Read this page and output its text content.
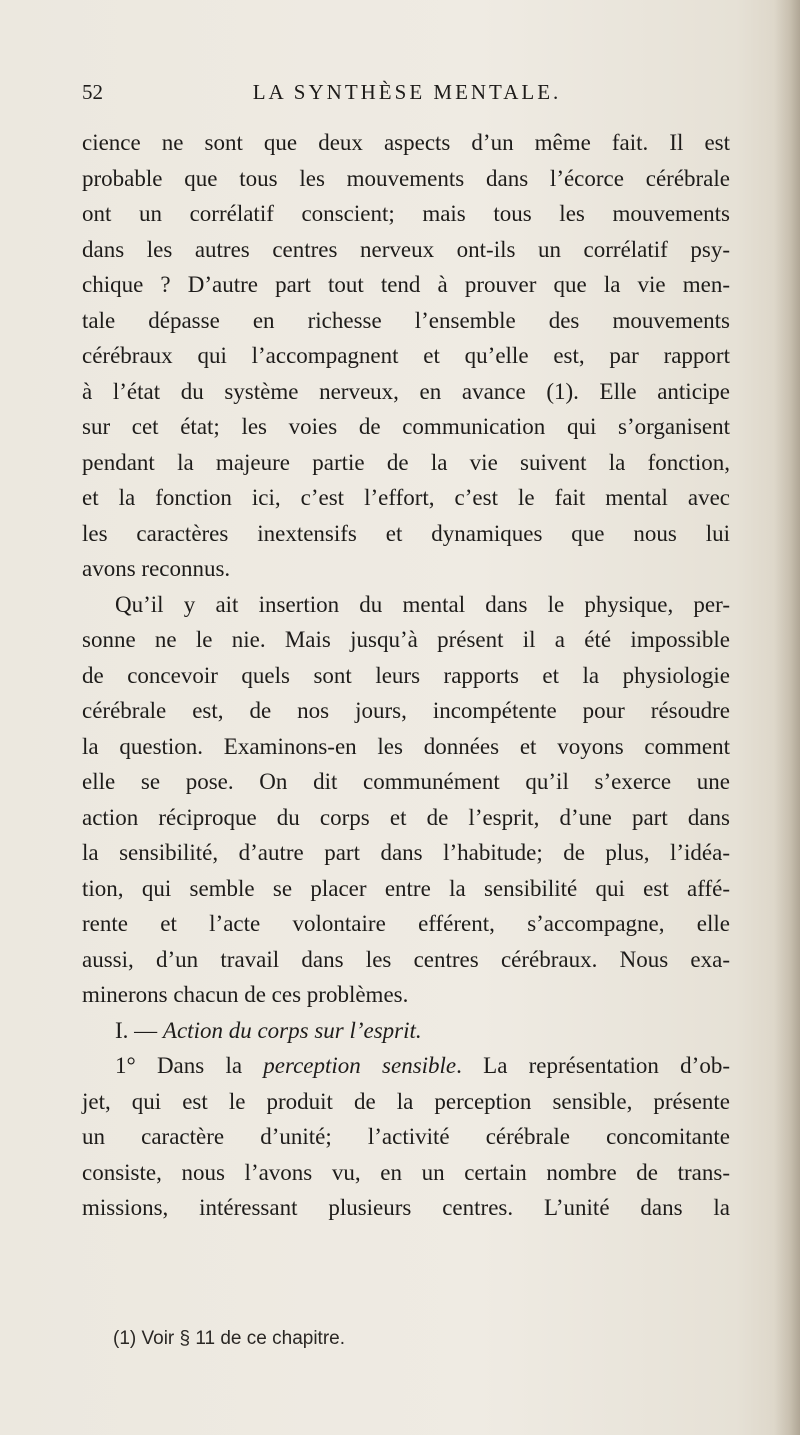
52	LA SYNTHÈSE MENTALE.
cience ne sont que deux aspects d’un même fait. Il est
probable que tous les mouvements dans l’écorce cérébrale
ont un corrélatif conscient; mais tous les mouvements
dans les autres centres nerveux ont-ils un corrélatif psy-
chique ? D’autre part tout tend à prouver que la vie men-
tale dépasse en richesse l’ensemble des mouvements
cérébraux qui l’accompagnent et qu’elle est, par rapport
à l’état du système nerveux, en avance (1). Elle anticipe
sur cet état; les voies de communication qui s’organisent
pendant la majeure partie de la vie suivent la fonction,
et la fonction ici, c’est l’effort, c’est le fait mental avec
les caractères inextensifs et dynamiques que nous lui
avons reconnus.
Qu’il y ait insertion du mental dans le physique, per-
sonne ne le nie. Mais jusqu’à présent il a été impossible
de concevoir quels sont leurs rapports et la physiologie
cérébrale est, de nos jours, incompétente pour résoudre
la question. Examinons-en les données et voyons comment
elle se pose. On dit communément qu’il s’exerce une
action réciproque du corps et de l’esprit, d’une part dans
la sensibilité, d’autre part dans l’habitude; de plus, l’idéa-
tion, qui semble se placer entre la sensibilité qui est affé-
rente et l’acte volontaire efférent, s’accompagne, elle
aussi, d’un travail dans les centres cérébraux. Nous exa-
minerons chacun de ces problèmes.
I. — Action du corps sur l’esprit.
1° Dans la perception sensible. La représentation d’ob-
jet, qui est le produit de la perception sensible, présente
un caractère d’unité; l’activité cérébrale concomitante
consiste, nous l’avons vu, en un certain nombre de trans-
missions, intéressant plusieurs centres. L’unité dans la
(1) Voir § 11 de ce chapitre.
